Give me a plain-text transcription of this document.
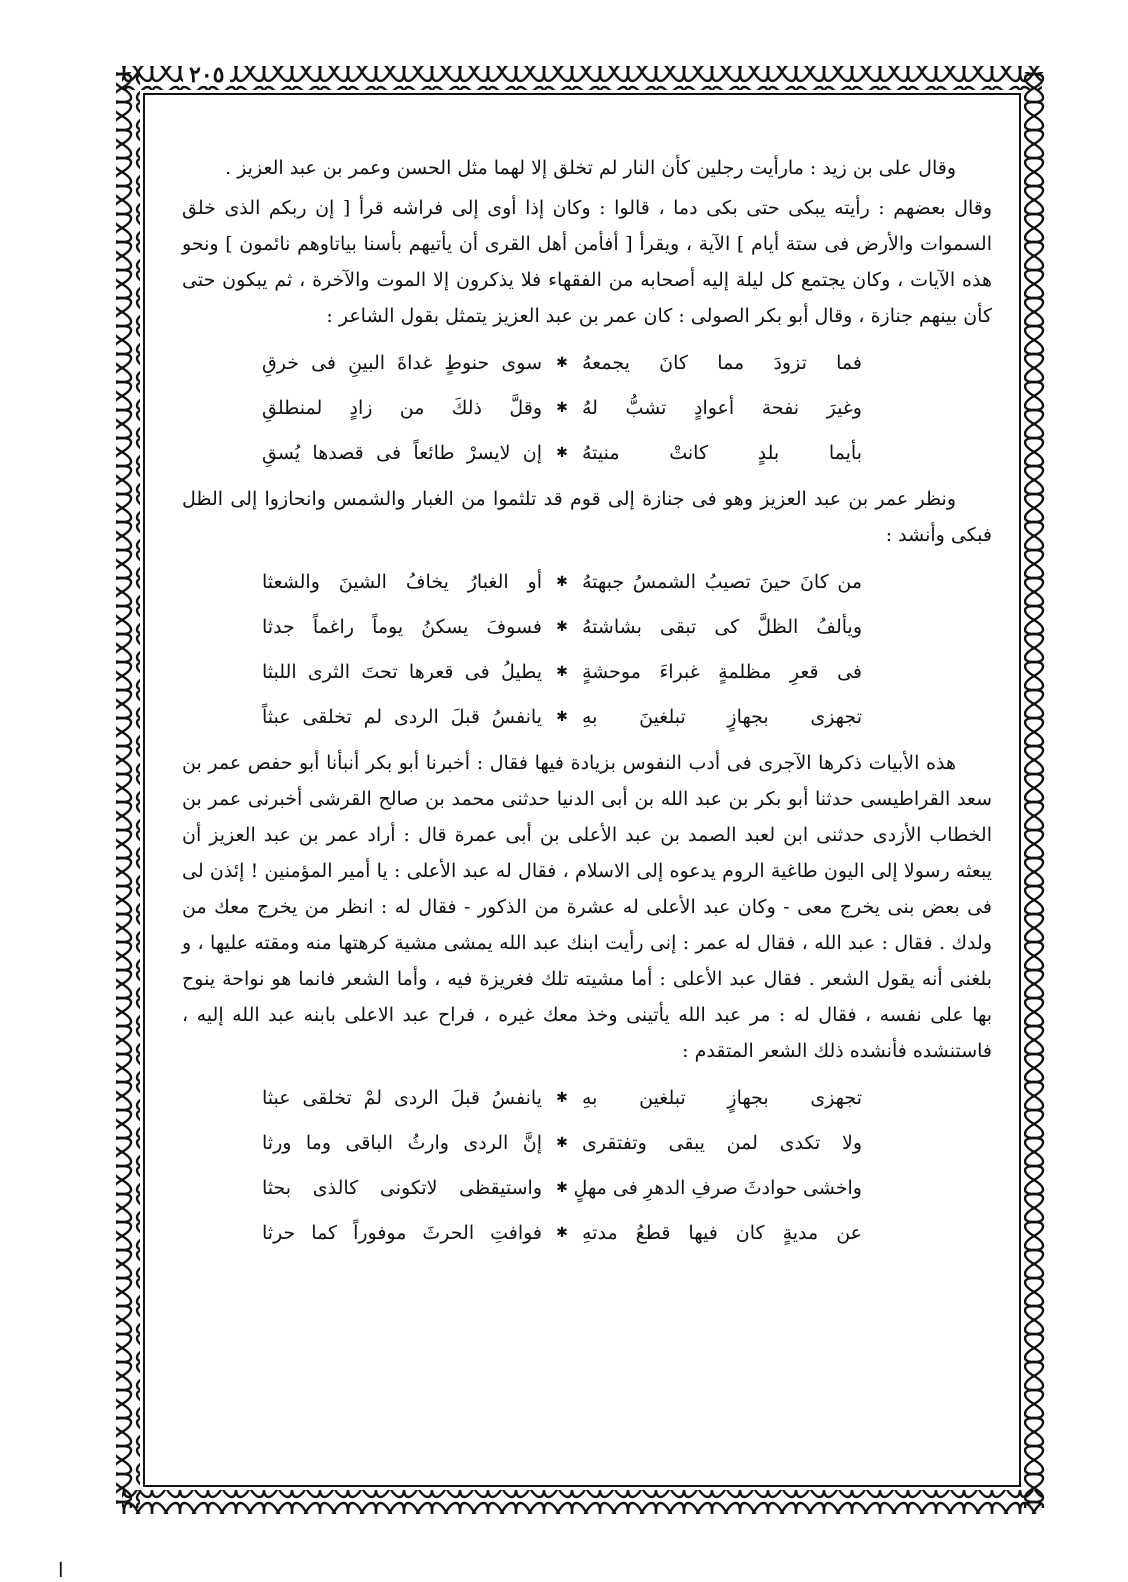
٢٠٥

وقال على بن زيد : مارأيت رجلين كأن النار لم تخلق إلا لهما مثل الحسن وعمر بن عبد العزيز .

وقال بعضهم : رأيته يبكى حتى بكى دما ، قالوا : وكان إذا أوى إلى فراشه قرأ [ إن ربكم الذى خلق السموات والأرض فى ستة أيام ] الآية ، ويقرأ [ أفأمن أهل القرى أن يأتيهم بأسنا بياتاوهم نائمون ] ونحو هذه الآيات ، وكان يجتمع كل ليلة إليه أصحابه من الفقهاء فلا يذكرون إلا الموت والآخرة ، ثم يبكون حتى كأن بينهم جنازة ، وقال أبو بكر الصولى : كان عمر بن عبد العزيز يتمثل بقول الشاعر :

فما تزودَ مما كانَ يجمعهُ
✱
سوى حنوطٍ غداةَ البينِ فى خرقِ
وغيرَ نفحة أعوادٍ تشبُّ لهُ
✱
وقلَّ ذلكَ من زادٍ لمنطلقِ
بأيما بلدٍ كانتْ منيتهُ
✱
إن لايسرْ طائعاً فى قصدها يُسقِ

ونظر عمر بن عبد العزيز وهو فى جنازة إلى قوم قد تلثموا من الغبار والشمس وانحازوا إلى الظل فبكى وأنشد :

من كانَ حينَ تصيبُ الشمسُ جبهتهُ
✱
أو الغبارُ يخافُ الشينَ والشعثا
ويألفُ الظلَّ كى تبقى بشاشتهُ
✱
فسوفَ يسكنُ يوماً راغماً جدثا
فى قعرِ مظلمةٍ غبراءَ موحشةٍ
✱
يطيلُ فى قعرها تحتَ الثرى اللبثا
تجهزى بجهازٍ تبلغينَ بهِ
✱
يانفسُ قبلَ الردى لم تخلقى عبثاً

هذه الأبيات ذكرها الآجرى فى أدب النفوس بزيادة فيها فقال : أخبرنا أبو بكر أنبأنا أبو حفص عمر بن سعد القراطيسى حدثنا أبو بكر بن عبد الله بن أبى الدنيا حدثنى محمد بن صالح القرشى أخبرنى عمر بن الخطاب الأزدى حدثنى ابن لعبد الصمد بن عبد الأعلى بن أبى عمرة قال : أراد عمر بن عبد العزيز أن يبعثه رسولا إلى اليون طاغية الروم يدعوه إلى الاسلام ، فقال له عبد الأعلى : يا أمير المؤمنين ! إئذن لى فى بعض بنى يخرج معى - وكان عبد الأعلى له عشرة من الذكور - فقال له : انظر من يخرج معك من ولدك . فقال : عبد الله ، فقال له عمر : إنى رأيت ابنك عبد الله يمشى مشية كرهتها منه ومقته عليها ، و بلغنى أنه يقول الشعر . فقال عبد الأعلى : أما مشيته تلك فغريزة فيه ، وأما الشعر فانما هو نواحة ينوح بها على نفسه ، فقال له : مر عبد الله يأتينى وخذ معك غيره ، فراح عبد الاعلى بابنه عبد الله إليه ، فاستنشده فأنشده ذلك الشعر المتقدم :

تجهزى بجهازٍ تبلغين بهِ
✱
يانفسُ قبلَ الردى لمْ تخلقى عبثا
ولا تكدى لمن يبقى وتفتقرى
✱
إنَّ الردى وارثُ الباقى وما ورثا
واخشى حوادثَ صرفِ الدهرِ فى مهلٍ
✱
واستيقظى لاتكونى كالذى بحثا
عن مديةٍ كان فيها قطعُ مدتهِ
✱
فوافتِ الحرثَ موفوراً كما حرثا
ا
